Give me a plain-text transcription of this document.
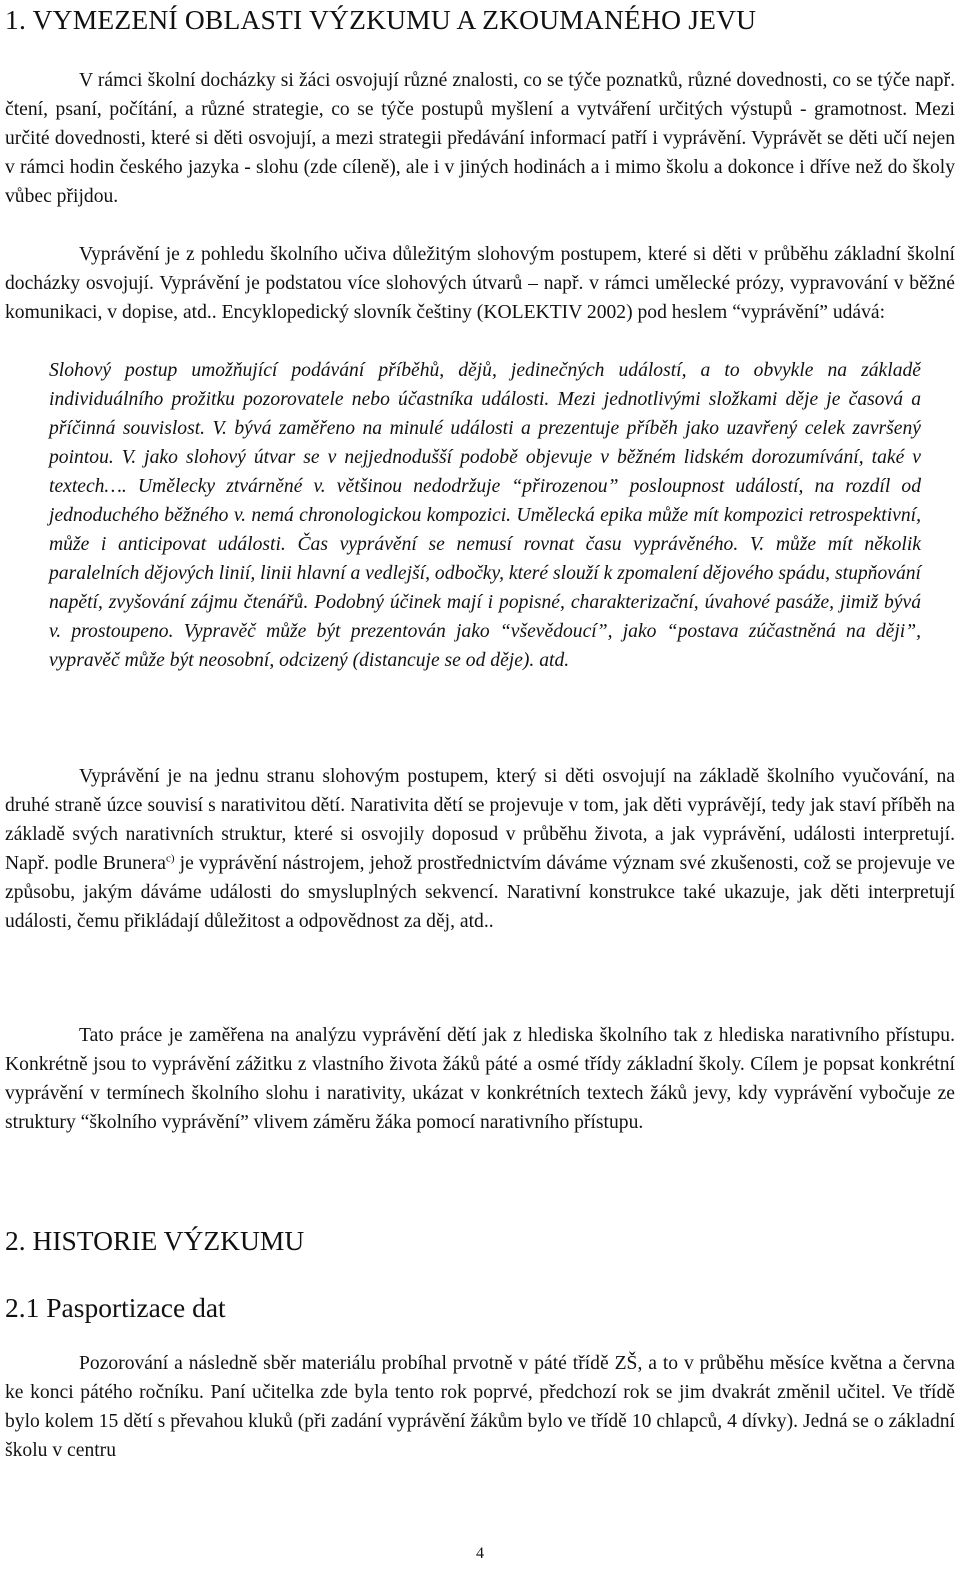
1. VYMEZENÍ OBLASTI VÝZKUMU A ZKOUMANÉHO JEVU

V rámci školní docházky si žáci osvojují různé znalosti, co se týče poznatků, různé dovednosti, co se týče např. čtení, psaní, počítání, a různé strategie, co se týče postupů myšlení a vytváření určitých výstupů - gramotnost. Mezi určité dovednosti, které si děti osvojují, a mezi strategii předávání informací patří i vyprávění. Vyprávět se děti učí nejen v rámci hodin českého jazyka - slohu (zde cíleně), ale i v jiných hodinách a i mimo školu a dokonce i dříve než do školy vůbec přijdou.

Vyprávění je z pohledu školního učiva důležitým slohovým postupem, které si děti v průběhu základní školní docházky osvojují. Vyprávění je podstatou více slohových útvarů – např. v rámci umělecké prózy, vypravování v běžné komunikaci, v dopise, atd.. Encyklopedický slovník češtiny (KOLEKTIV 2002) pod heslem “vyprávění” udává:

Slohový postup umožňující podávání příběhů, dějů, jedinečných událostí, a to obvykle na základě individuálního prožitku pozorovatele nebo účastníka události. Mezi jednotlivými složkami děje je časová a příčinná souvislost. V. bývá zaměřeno na minulé události a prezentuje příběh jako uzavřený celek završený pointou. V. jako slohový útvar se v nejjednodušší podobě objevuje v běžném lidském dorozumívání, také v textech…. Umělecky ztvárněné v. většinou nedodržuje “přirozenou” posloupnost událostí, na rozdíl od jednoduchého běžného v. nemá chronologickou kompozici. Umělecká epika může mít kompozici retrospektivní, může i anticipovat události. Čas vyprávění se nemusí rovnat času vyprávěného. V. může mít několik paralelních dějových linií, linii hlavní a vedlejší, odbočky, které slouží k zpomalení dějového spádu, stupňování napětí, zvyšování zájmu čtenářů. Podobný účinek mají i popisné, charakterizační, úvahové pasáže, jimiž bývá v. prostoupeno. Vypravěč může být prezentován jako “vševědoucí”, jako “postava zúčastněná na ději”, vypravěč může být neosobní, odcizený (distancuje se od děje). atd.

Vyprávění je na jednu stranu slohovým postupem, který si děti osvojují na základě školního vyučování, na druhé straně úzce souvisí s narativitou dětí. Narativita dětí se projevuje v tom, jak děti vyprávějí, tedy jak staví příběh na základě svých narativních struktur, které si osvojily doposud v průběhu života, a jak vyprávění, události interpretují. Např. podle Brunera$^{c)}$ je vyprávění nástrojem, jehož prostřednictvím dáváme význam své zkušenosti, což se projevuje ve způsobu, jakým dáváme události do smysluplných sekvencí. Narativní konstrukce také ukazuje, jak děti interpretují události, čemu přikládají důležitost a odpovědnost za děj, atd..

Tato práce je zaměřena na analýzu vyprávění dětí jak z hlediska školního tak z hlediska narativního přístupu. Konkrétně jsou to vyprávění zážitku z vlastního života žáků páté a osmé třídy základní školy. Cílem je popsat konkrétní vyprávění v termínech školního slohu i narativity, ukázat v konkrétních textech žáků jevy, kdy vyprávění vybočuje ze struktury “školního vyprávění” vlivem záměru žáka pomocí narativního přístupu.

2. HISTORIE VÝZKUMU
2.1 Pasportizace dat

Pozorování a následně sběr materiálu probíhal prvotně v páté třídě ZŠ, a to v průběhu měsíce května a června ke konci pátého ročníku. Paní učitelka zde byla tento rok poprvé, předchozí rok se jim dvakrát změnil učitel. Ve třídě bylo kolem 15 dětí s převahou kluků (při zadání vyprávění žákům bylo ve třídě 10 chlapců, 4 dívky). Jedná se o základní školu v centru

4
